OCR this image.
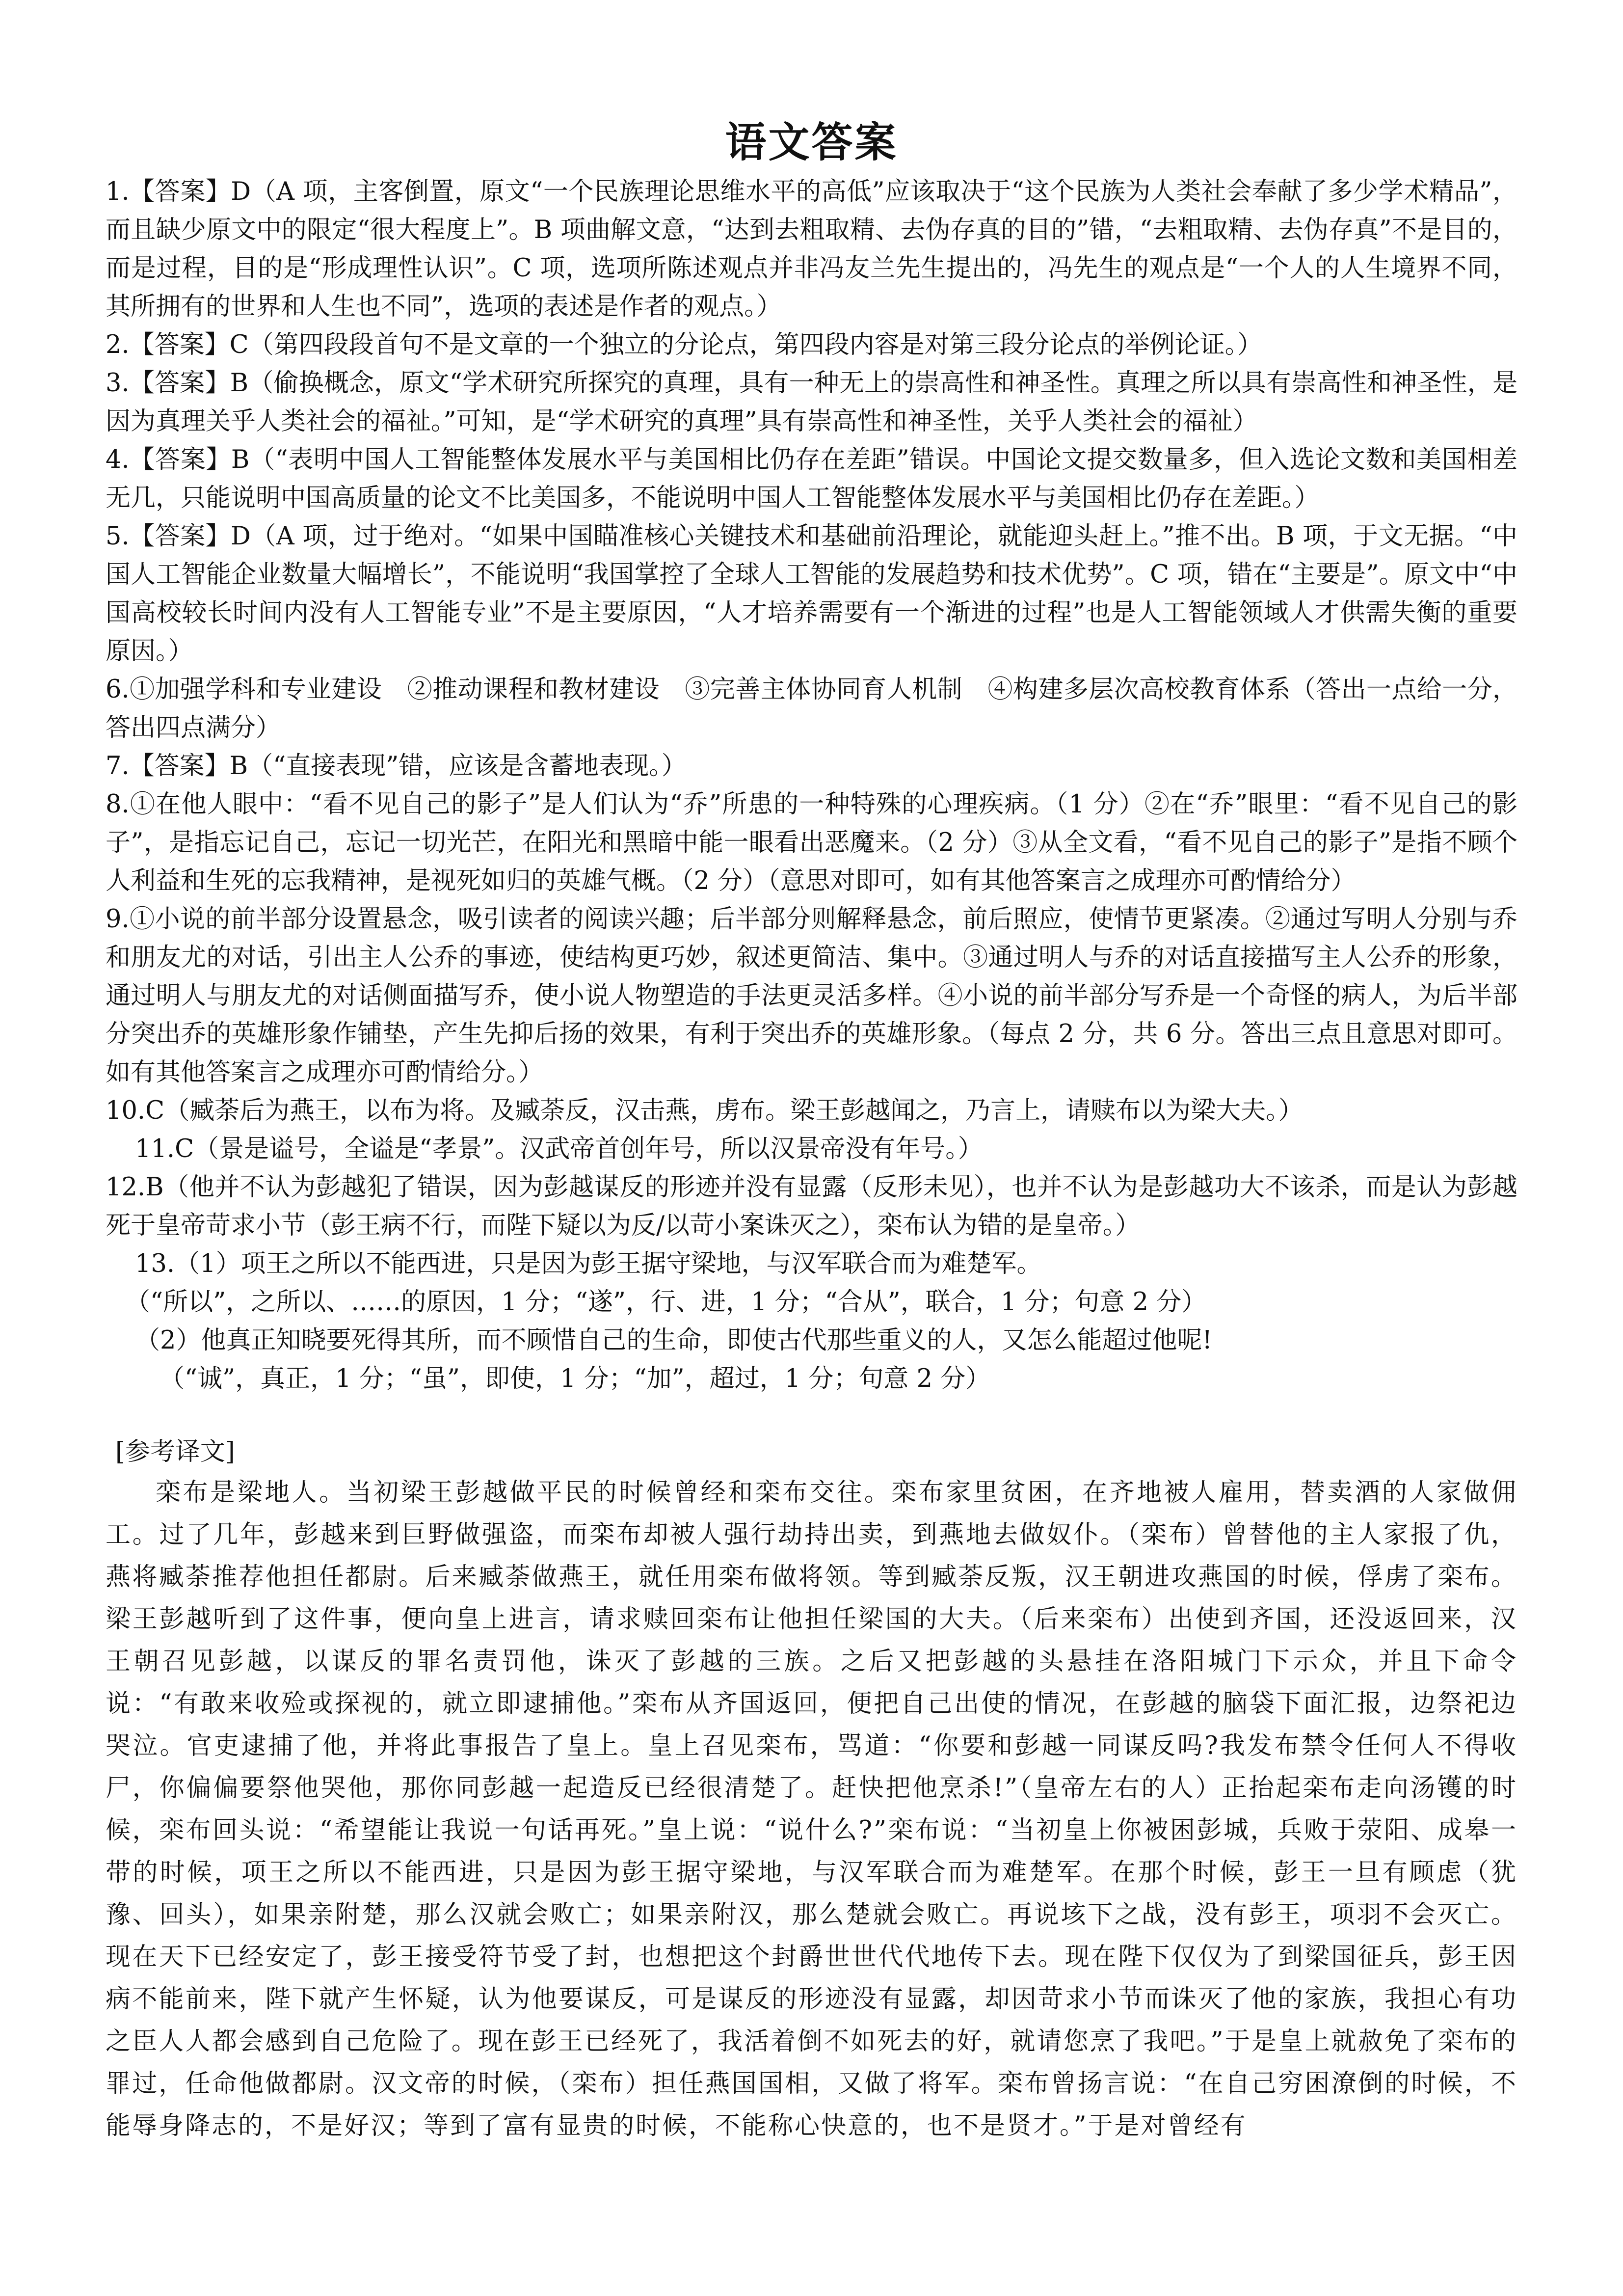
语文答案

1.【答案】D（A 项，主客倒置，原文“一个民族理论思维水平的高低”应该取决于“这个民族为人类社会奉献了多少学术精品”，而且缺少原文中的限定“很大程度上”。B 项曲解文意，“达到去粗取精、去伪存真的目的”错，“去粗取精、去伪存真”不是目的，而是过程，目的是“形成理性认识”。C 项，选项所陈述观点并非冯友兰先生提出的，冯先生的观点是“一个人的人生境界不同，其所拥有的世界和人生也不同”，选项的表述是作者的观点。）

2.【答案】C（第四段段首句不是文章的一个独立的分论点，第四段内容是对第三段分论点的举例论证。）

3.【答案】B（偷换概念，原文“学术研究所探究的真理，具有一种无上的崇高性和神圣性。真理之所以具有崇高性和神圣性，是因为真理关乎人类社会的福祉。”可知，是“学术研究的真理”具有崇高性和神圣性，关乎人类社会的福祉）

4.【答案】B（“表明中国人工智能整体发展水平与美国相比仍存在差距”错误。中国论文提交数量多，但入选论文数和美国相差无几，只能说明中国高质量的论文不比美国多，不能说明中国人工智能整体发展水平与美国相比仍存在差距。）

5.【答案】D（A 项，过于绝对。“如果中国瞄准核心关键技术和基础前沿理论，就能迎头赶上。”推不出。B 项，于文无据。“中国人工智能企业数量大幅增长”，不能说明“我国掌控了全球人工智能的发展趋势和技术优势”。C 项，错在“主要是”。原文中“中国高校较长时间内没有人工智能专业”不是主要原因，“人才培养需要有一个渐进的过程”也是人工智能领域人才供需失衡的重要原因。）

6.①加强学科和专业建设　②推动课程和教材建设　③完善主体协同育人机制　④构建多层次高校教育体系（答出一点给一分，答出四点满分）

7.【答案】B（“直接表现”错，应该是含蓄地表现。）

8.①在他人眼中：“看不见自己的影子”是人们认为“乔”所患的一种特殊的心理疾病。（1 分）②在“乔”眼里：“看不见自己的影子”，是指忘记自己，忘记一切光芒，在阳光和黑暗中能一眼看出恶魔来。（2 分）③从全文看，“看不见自己的影子”是指不顾个人利益和生死的忘我精神，是视死如归的英雄气概。（2 分）（意思对即可，如有其他答案言之成理亦可酌情给分）

9.①小说的前半部分设置悬念，吸引读者的阅读兴趣；后半部分则解释悬念，前后照应，使情节更紧凑。②通过写明人分别与乔和朋友尤的对话，引出主人公乔的事迹，使结构更巧妙，叙述更简洁、集中。③通过明人与乔的对话直接描写主人公乔的形象，通过明人与朋友尤的对话侧面描写乔，使小说人物塑造的手法更灵活多样。④小说的前半部分写乔是一个奇怪的病人，为后半部分突出乔的英雄形象作铺垫，产生先抑后扬的效果，有利于突出乔的英雄形象。（每点 2 分，共 6 分。答出三点且意思对即可。如有其他答案言之成理亦可酌情给分。）

10.C（臧荼后为燕王，以布为将。及臧荼反，汉击燕，虏布。梁王彭越闻之，乃言上，请赎布以为梁大夫。）

11.C（景是谥号，全谥是“孝景”。汉武帝首创年号，所以汉景帝没有年号。）

12.B（他并不认为彭越犯了错误，因为彭越谋反的形迹并没有显露（反形未见），也并不认为是彭越功大不该杀，而是认为彭越死于皇帝苛求小节（彭王病不行，而陛下疑以为反/以苛小案诛灭之），栾布认为错的是皇帝。）

13.（1）项王之所以不能西进，只是因为彭王据守梁地，与汉军联合而为难楚军。

（“所以”，之所以、……的原因，1 分；“遂”，行、进，1 分；“合从”，联合，1 分；句意 2 分）

（2）他真正知晓要死得其所，而不顾惜自己的生命，即使古代那些重义的人，又怎么能超过他呢!

（“诚”，真正，1 分；“虽”，即使，1 分；“加”，超过，1 分；句意 2 分）

[参考译文]

栾布是梁地人。当初梁王彭越做平民的时候曾经和栾布交往。栾布家里贫困，在齐地被人雇用，替卖酒的人家做佣工。过了几年，彭越来到巨野做强盗，而栾布却被人强行劫持出卖，到燕地去做奴仆。（栾布）曾替他的主人家报了仇，燕将臧荼推荐他担任都尉。后来臧荼做燕王，就任用栾布做将领。等到臧荼反叛，汉王朝进攻燕国的时候，俘虏了栾布。梁王彭越听到了这件事，便向皇上进言，请求赎回栾布让他担任梁国的大夫。（后来栾布）出使到齐国，还没返回来，汉王朝召见彭越，以谋反的罪名责罚他，诛灭了彭越的三族。之后又把彭越的头悬挂在洛阳城门下示众，并且下命令说：“有敢来收殓或探视的，就立即逮捕他。”栾布从齐国返回，便把自己出使的情况，在彭越的脑袋下面汇报，边祭祀边哭泣。官吏逮捕了他，并将此事报告了皇上。皇上召见栾布，骂道：“你要和彭越一同谋反吗?我发布禁令任何人不得收尸，你偏偏要祭他哭他，那你同彭越一起造反已经很清楚了。赶快把他烹杀!”（皇帝左右的人）正抬起栾布走向汤镬的时候，栾布回头说：“希望能让我说一句话再死。”皇上说：“说什么?”栾布说：“当初皇上你被困彭城，兵败于荥阳、成皋一带的时候，项王之所以不能西进，只是因为彭王据守梁地，与汉军联合而为难楚军。在那个时候，彭王一旦有顾虑（犹豫、回头），如果亲附楚，那么汉就会败亡；如果亲附汉，那么楚就会败亡。再说垓下之战，没有彭王，项羽不会灭亡。现在天下已经安定了，彭王接受符节受了封，也想把这个封爵世世代代地传下去。现在陛下仅仅为了到梁国征兵，彭王因病不能前来，陛下就产生怀疑，认为他要谋反，可是谋反的形迹没有显露，却因苛求小节而诛灭了他的家族，我担心有功之臣人人都会感到自己危险了。现在彭王已经死了，我活着倒不如死去的好，就请您烹了我吧。”于是皇上就赦免了栾布的罪过，任命他做都尉。汉文帝的时候，（栾布）担任燕国国相，又做了将军。栾布曾扬言说：“在自己穷困潦倒的时候，不能辱身降志的，不是好汉；等到了富有显贵的时候，不能称心快意的，也不是贤才。”于是对曾经有
